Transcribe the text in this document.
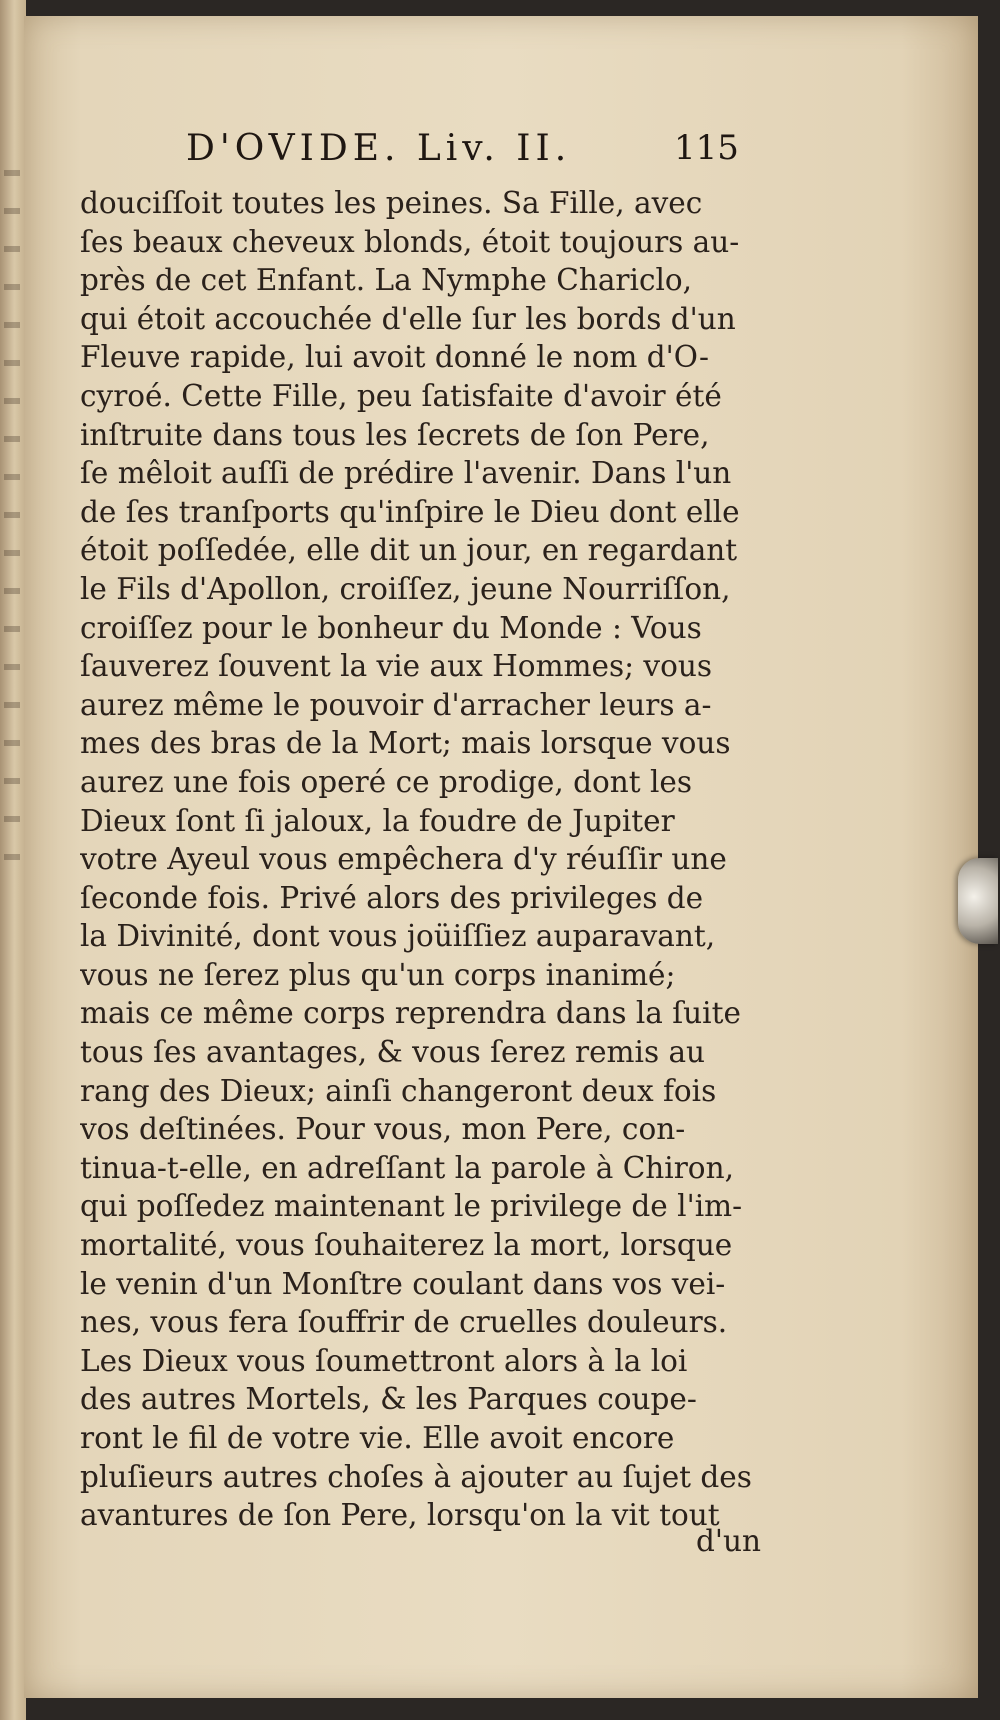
D'OVIDE. Liv. II.	115
douciſſoit toutes les peines. Sa Fille, avec
ſes beaux cheveux blonds, étoit toujours au-
près de cet Enfant. La Nymphe Chariclo,
qui étoit accouchée d'elle ſur les bords d'un
Fleuve rapide, lui avoit donné le nom d'O-
cyroé. Cette Fille, peu ſatisfaite d'avoir été
inſtruite dans tous les ſecrets de ſon Pere,
ſe mêloit auſſi de prédire l'avenir. Dans l'un
de ſes tranſports qu'inſpire le Dieu dont elle
étoit poſſedée, elle dit un jour, en regardant
le Fils d'Apollon, croiſſez, jeune Nourriſſon,
croiſſez pour le bonheur du Monde : Vous
ſauverez ſouvent la vie aux Hommes; vous
aurez même le pouvoir d'arracher leurs a-
mes des bras de la Mort; mais lorsque vous
aurez une fois operé ce prodige, dont les
Dieux ſont ſi jaloux, la foudre de Jupiter
votre Ayeul vous empêchera d'y réuſſir une
ſeconde fois. Privé alors des privileges de
la Divinité, dont vous joüiſſiez auparavant,
vous ne ſerez plus qu'un corps inanimé;
mais ce même corps reprendra dans la ſuite
tous ſes avantages, & vous ſerez remis au
rang des Dieux; ainſi changeront deux fois
vos deſtinées. Pour vous, mon Pere, con-
tinua-t-elle, en adreſſant la parole à Chiron,
qui poſſedez maintenant le privilege de l'im-
mortalité, vous ſouhaiterez la mort, lorsque
le venin d'un Monſtre coulant dans vos vei-
nes, vous fera ſouffrir de cruelles douleurs.
Les Dieux vous ſoumettront alors à la loi
des autres Mortels, & les Parques coupe-
ront le fil de votre vie. Elle avoit encore
pluſieurs autres choſes à ajouter au ſujet des
avantures de ſon Pere, lorsqu'on la vit tout
d'un
